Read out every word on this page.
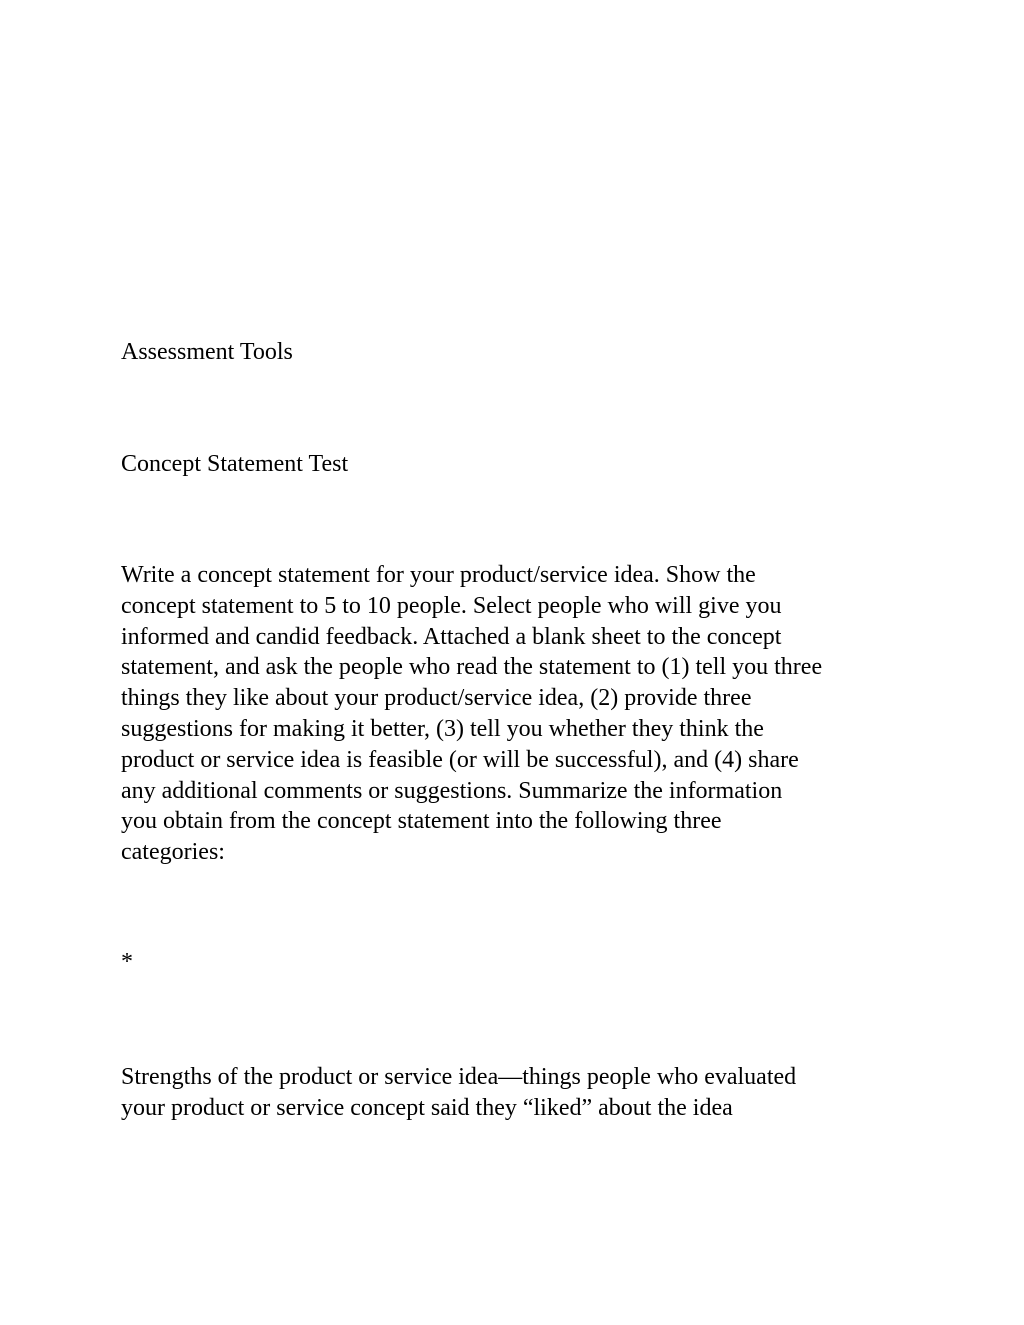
Assessment Tools

Concept Statement Test

Write a concept statement for your product/service idea. Show the
concept statement to 5 to 10 people. Select people who will give you
informed and candid feedback. Attached a blank sheet to the concept
statement, and ask the people who read the statement to (1) tell you three
things they like about your product/service idea, (2) provide three
suggestions for making it better, (3) tell you whether they think the
product or service idea is feasible (or will be successful), and (4) share
any additional comments or suggestions. Summarize the information
you obtain from the concept statement into the following three
categories:

*

Strengths of the product or service idea—things people who evaluated
your product or service concept said they “liked” about the idea
